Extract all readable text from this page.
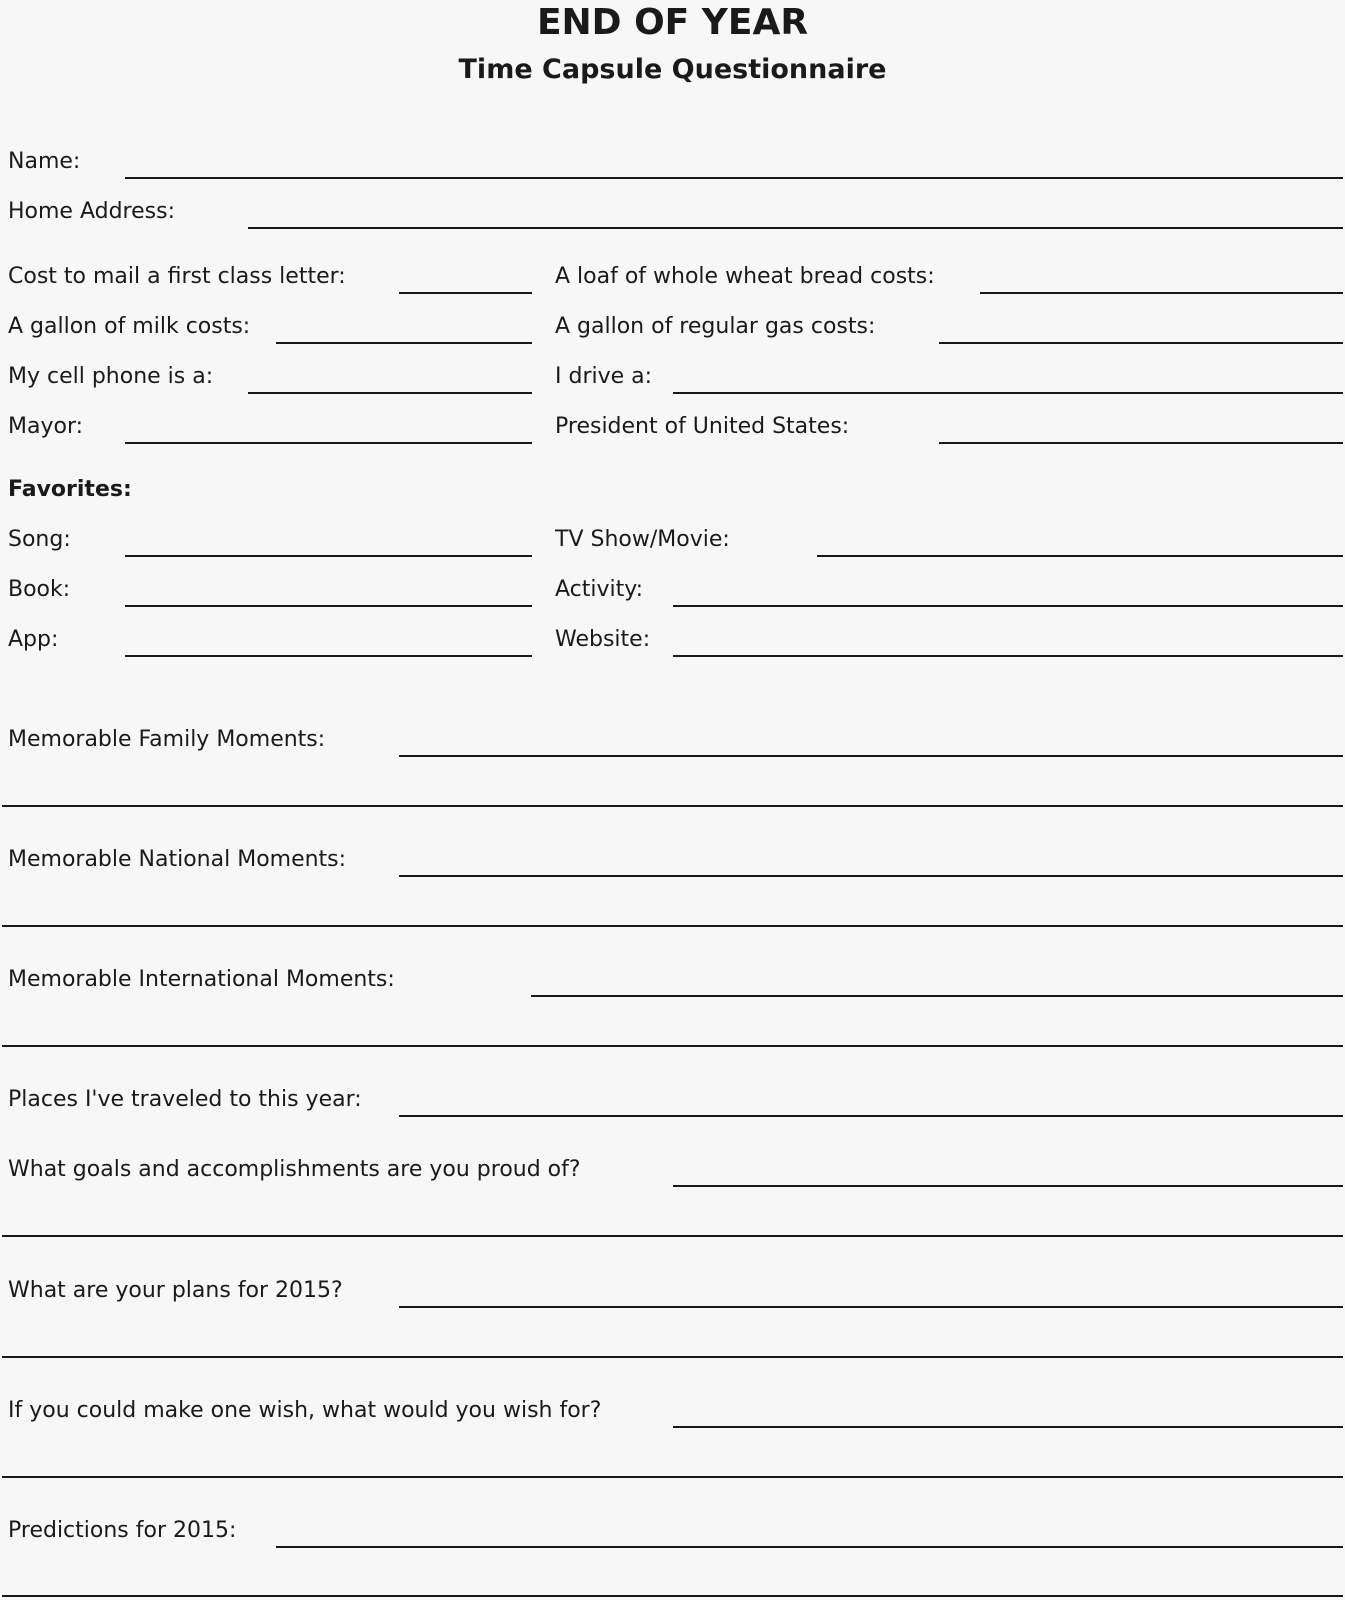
END OF YEAR
Time Capsule Questionnaire
Name:
Home Address:
Cost to mail a first class letter:	A loaf of whole wheat bread costs:
A gallon of milk costs:	A gallon of regular gas costs:
My cell phone is a:	I drive a:
Mayor:	President of United States:
Favorites:
Song:	TV Show/Movie:
Book:	Activity:
App:	Website:
Memorable Family Moments:
Memorable National Moments:
Memorable International Moments:
Places I've traveled to this year:
What goals and accomplishments are you proud of?
What are your plans for 2015?
If you could make one wish, what would you wish for?
Predictions for 2015:
